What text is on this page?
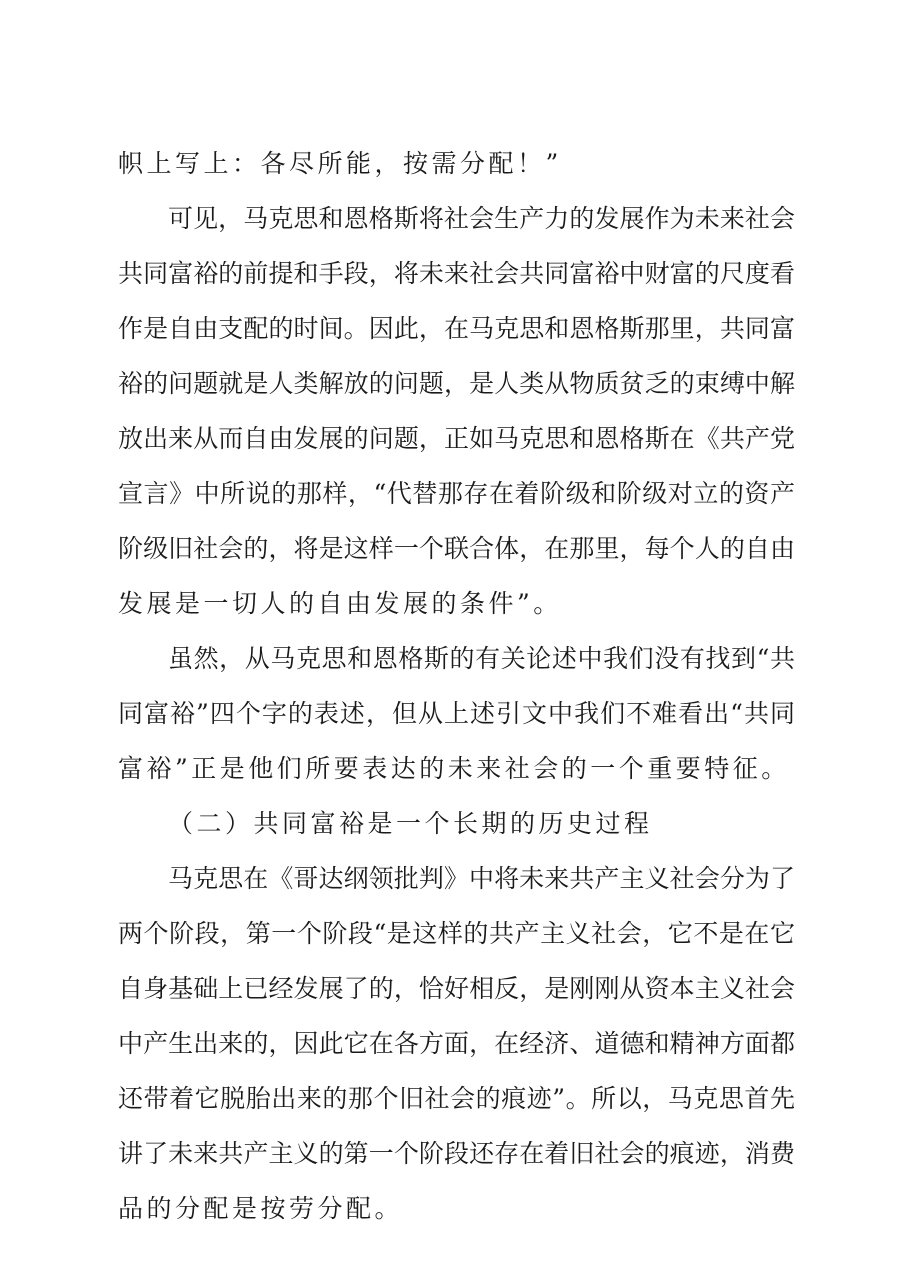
帜上写上：各尽所能，按需分配！”

可见，马克思和恩格斯将社会生产力的发展作为未来社会

共同富裕的前提和手段，将未来社会共同富裕中财富的尺度看

作是自由支配的时间。因此，在马克思和恩格斯那里，共同富

裕的问题就是人类解放的问题，是人类从物质贫乏的束缚中解

放出来从而自由发展的问题，正如马克思和恩格斯在《共产党

宣言》中所说的那样，“代替那存在着阶级和阶级对立的资产

阶级旧社会的，将是这样一个联合体，在那里，每个人的自由

发展是一切人的自由发展的条件”。

虽然，从马克思和恩格斯的有关论述中我们没有找到“共

同富裕”四个字的表述，但从上述引文中我们不难看出“共同

富裕”正是他们所要表达的未来社会的一个重要特征。

（二）共同富裕是一个长期的历史过程

马克思在《哥达纲领批判》中将未来共产主义社会分为了

两个阶段，第一个阶段“是这样的共产主义社会，它不是在它

自身基础上已经发展了的，恰好相反，是刚刚从资本主义社会

中产生出来的，因此它在各方面，在经济、道德和精神方面都

还带着它脱胎出来的那个旧社会的痕迹”。所以，马克思首先

讲了未来共产主义的第一个阶段还存在着旧社会的痕迹，消费

品的分配是按劳分配。
